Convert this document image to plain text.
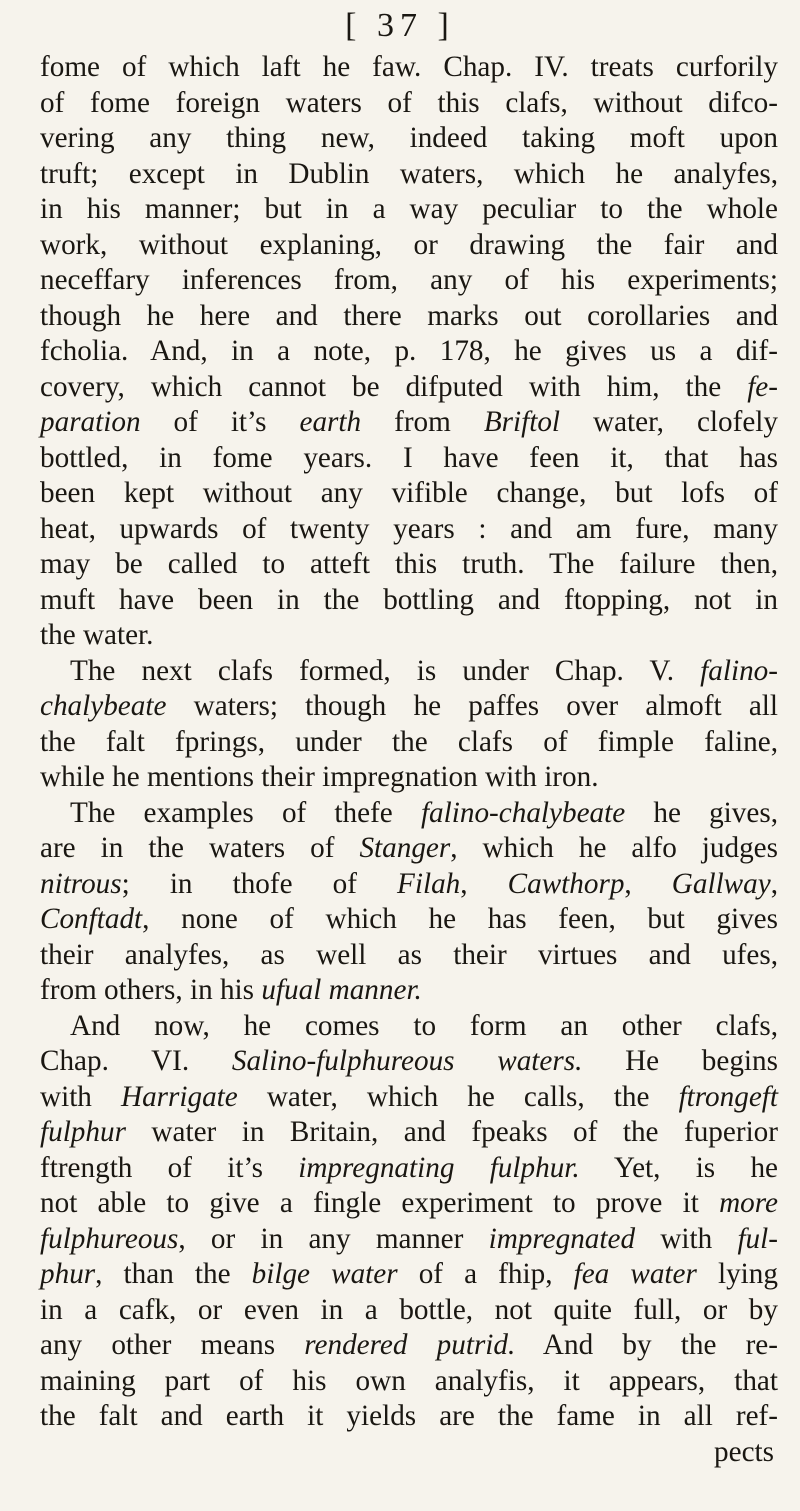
[ 37 ]
fome of which laft he faw. Chap. IV. treats curforily
of fome foreign waters of this clafs, without difco-
vering any thing new, indeed taking moft upon
truft; except in Dublin waters, which he analyfes,
in his manner; but in a way peculiar to the whole
work, without explaning, or drawing the fair and
neceffary inferences from, any of his experiments;
though he here and there marks out corollaries and
fcholia. And, in a note, p. 178, he gives us a dif-
covery, which cannot be difputed with him, the fe-
paration of it’s earth from Briftol water, clofely
bottled, in fome years. I have feen it, that has
been kept without any vifible change, but lofs of
heat, upwards of twenty years : and am fure, many
may be called to atteft this truth. The failure then,
muft have been in the bottling and ftopping, not in
the water.
The next clafs formed, is under Chap. V. falino-
chalybeate waters; though he paffes over almoft all
the falt fprings, under the clafs of fimple faline,
while he mentions their impregnation with iron.
The examples of thefe falino-chalybeate he gives,
are in the waters of Stanger, which he alfo judges
nitrous; in thofe of Filah, Cawthorp, Gallway,
Conftadt, none of which he has feen, but gives
their analyfes, as well as their virtues and ufes,
from others, in his ufual manner.
And now, he comes to form an other clafs,
Chap. VI. Salino-fulphureous waters. He begins
with Harrigate water, which he calls, the ftrongeft
fulphur water in Britain, and fpeaks of the fuperior
ftrength of it’s impregnating fulphur. Yet, is he
not able to give a fingle experiment to prove it more
fulphureous, or in any manner impregnated with ful-
phur, than the bilge water of a fhip, fea water lying
in a cafk, or even in a bottle, not quite full, or by
any other means rendered putrid. And by the re-
maining part of his own analyfis, it appears, that
the falt and earth it yields are the fame in all ref-
pects
